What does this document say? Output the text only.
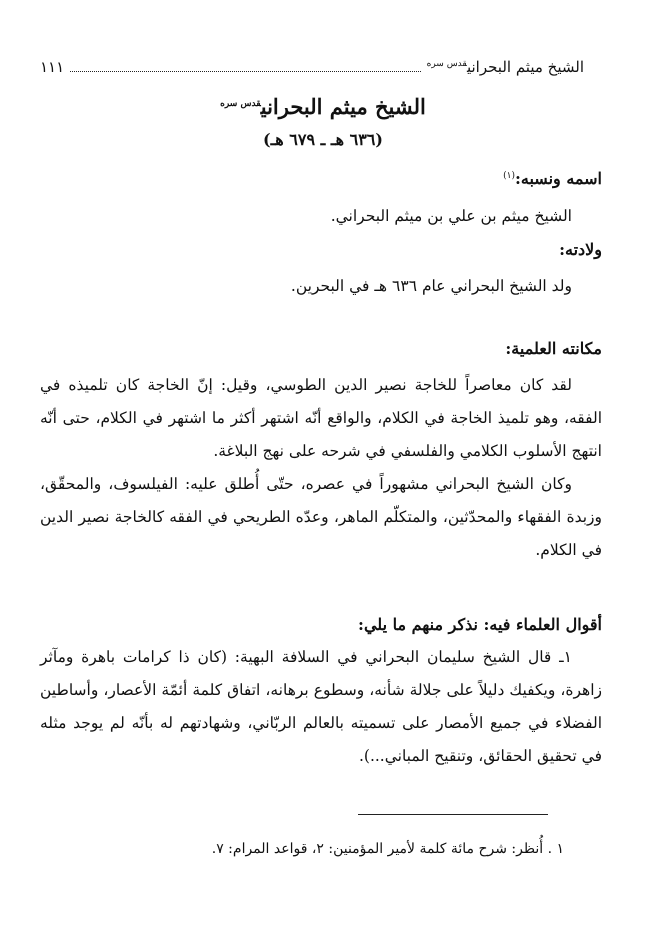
الشيخ ميثم البحراني$^{قدس سره}$
١١١
الشيخ ميثم البحراني$^{قدس سره}$
(٦٣٦ هـ ـ ٦٧٩ هـ)
اسمه ونسبه:$^{(١)}$
الشيخ ميثم بن علي بن ميثم البحراني.
ولادته:
ولد الشيخ البحراني عام ٦٣٦ هـ في البحرين.
مكانته العلمية:

لقد كان معاصراً للخاجة نصير الدين الطوسي، وقيل: إنّ الخاجة كان تلميذه في الفقه، وهو تلميذ الخاجة في الكلام، والواقع أنّه اشتهر أكثر ما اشتهر في الكلام، حتى أنّه انتهج الأسلوب الكلامي والفلسفي في شرحه على نهج البلاغة.

وكان الشيخ البحراني مشهوراً في عصره، حتّى أُطلق عليه: الفيلسوف، والمحقّق، وزبدة الفقهاء والمحدّثين، والمتكلّم الماهر، وعدّه الطريحي في الفقه كالخاجة نصير الدين في الكلام.

أقوال العلماء فيه: نذكر منهم ما يلي:

١ـ قال الشيخ سليمان البحراني في السلافة البهية: (كان ذا كرامات باهرة ومآثر زاهرة، ويكفيك دليلاً على جلالة شأنه، وسطوع برهانه، اتفاق كلمة أئمّة الأعصار، وأساطين الفضلاء في جميع الأمصار على تسميته بالعالم الربّاني، وشهادتهم له بأنّه لم يوجد مثله في تحقيق الحقائق، وتنقيح المباني...).

١ . أُنظر: شرح مائة كلمة لأمير المؤمنين: ٢، قواعد المرام: ٧.
